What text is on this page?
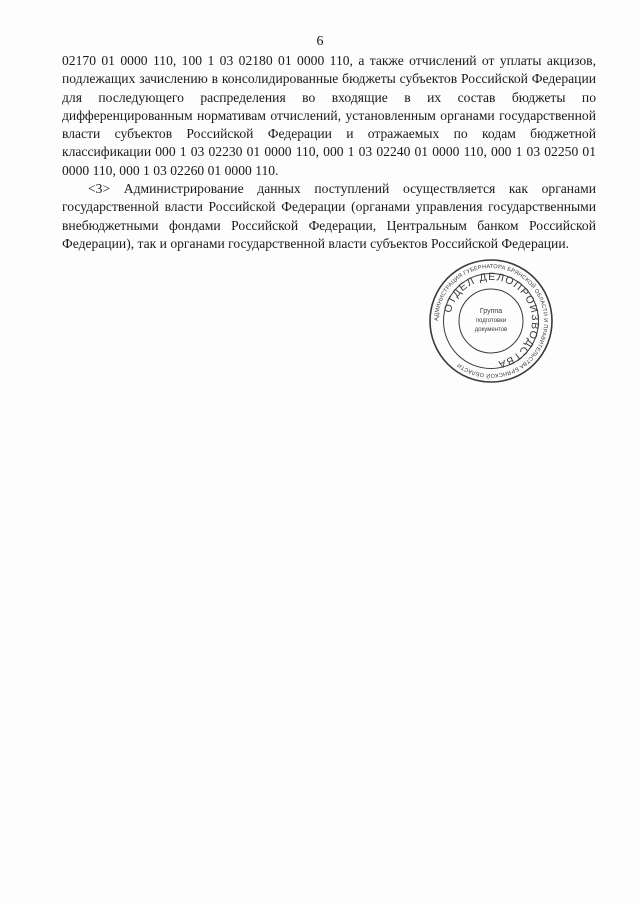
6

02170 01 0000 110, 100 1 03 02180 01 0000 110, а также отчислений от уплаты акцизов, подлежащих зачислению в консолидированные бюджеты субъектов Российской Федерации для последующего распределения во входящие в их состав бюджеты по дифференцированным нормативам отчислений, установленным органами государственной власти субъектов Российской Федерации и отражаемых по кодам бюджетной классификации 000 1 03 02230 01 0000 110, 000 1 03 02240 01 0000 110, 000 1 03 02250 01 0000 110, 000 1 03 02260 01 0000 110.

<3> Администрирование данных поступлений осуществляется как органами государственной власти Российской Федерации (органами управления государственными внебюджетными фондами Российской Федерации, Центральным банком Российской Федерации), так и органами государственной власти субъектов Российской Федерации.

АДМИНИСТРАЦИЯ ГУБЕРНАТОРА БРЯНСКОЙ ОБЛАСТИ И ПРАВИТЕЛЬСТВА БРЯНСКОЙ ОБЛАСТИ
ОТДЕЛ ДЕЛОПРОИЗВОДСТВА
Группа
подготовки
документов
